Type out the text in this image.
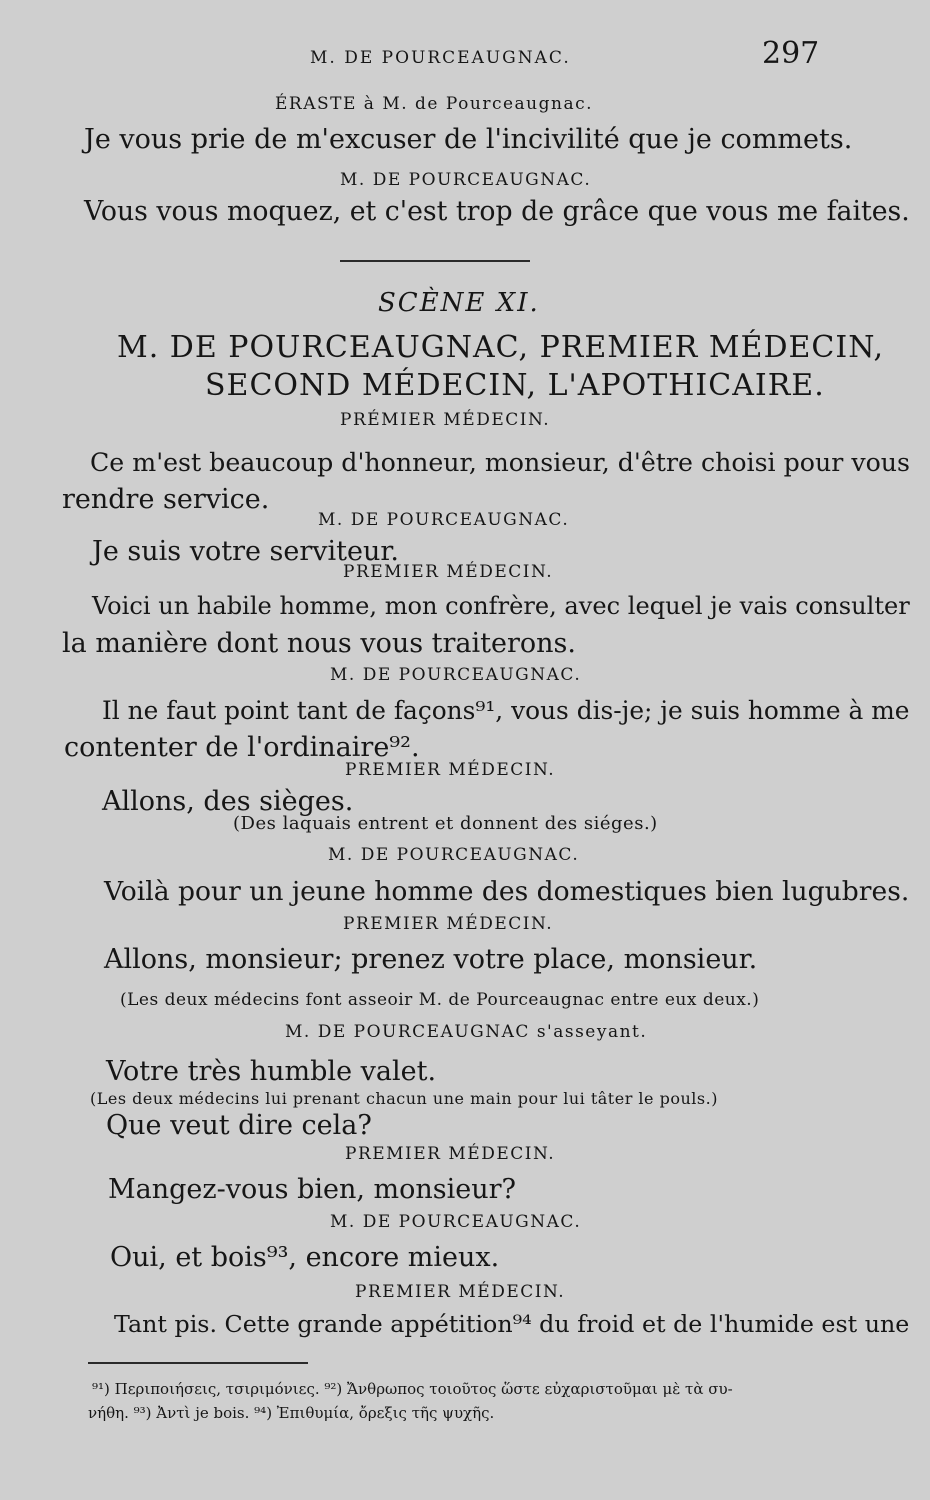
M. DE POURCEAUGNAC.	297
ÉRASTE à M. de Pourceaugnac.
Je vous prie de m'excuser de l'incivilité que je commets.
M. DE POURCEAUGNAC.
Vous vous moquez, et c'est trop de grâce que vous me faites.
SCÈNE XI.
M. DE POURCEAUGNAC, PREMIER MÉDECIN,
SECOND MÉDECIN, L'APOTHICAIRE.
PRÉMIER MÉDECIN.
Ce m'est beaucoup d'honneur, monsieur, d'être choisi pour vous
rendre service.
M. DE POURCEAUGNAC.
Je suis votre serviteur.
PREMIER MÉDECIN.
Voici un habile homme, mon confrère, avec lequel je vais consulter
la manière dont nous vous traiterons.
M. DE POURCEAUGNAC.
Il ne faut point tant de façons⁹¹, vous dis-je; je suis homme à me
contenter de l'ordinaire⁹².
PREMIER MÉDECIN.
Allons, des sièges.
(Des laquais entrent et donnent des siéges.)
M. DE POURCEAUGNAC.
Voilà pour un jeune homme des domestiques bien lugubres.
PREMIER MÉDECIN.
Allons, monsieur; prenez votre place, monsieur.
(Les deux médecins font asseoir M. de Pourceaugnac entre eux deux.)
M. DE POURCEAUGNAC s'asseyant.
Votre très humble valet.
(Les deux médecins lui prenant chacun une main pour lui tâter le pouls.)
Que veut dire cela?
PREMIER MÉDECIN.
Mangez-vous bien, monsieur?
M. DE POURCEAUGNAC.
Oui, et bois⁹³, encore mieux.
PREMIER MÉDECIN.
Tant pis. Cette grande appétition⁹⁴ du froid et de l'humide est une
⁹¹) Περιποιήσεις, τσιριμόνιες. ⁹²) Ἄνθρωπος τοιοῦτος ὥστε εὐχαριστοῦμαι μὲ τὰ συ-
νήθη. ⁹³) Ἀντὶ je bois. ⁹⁴) Ἐπιθυμία, ὄρεξις τῆς ψυχῆς.
